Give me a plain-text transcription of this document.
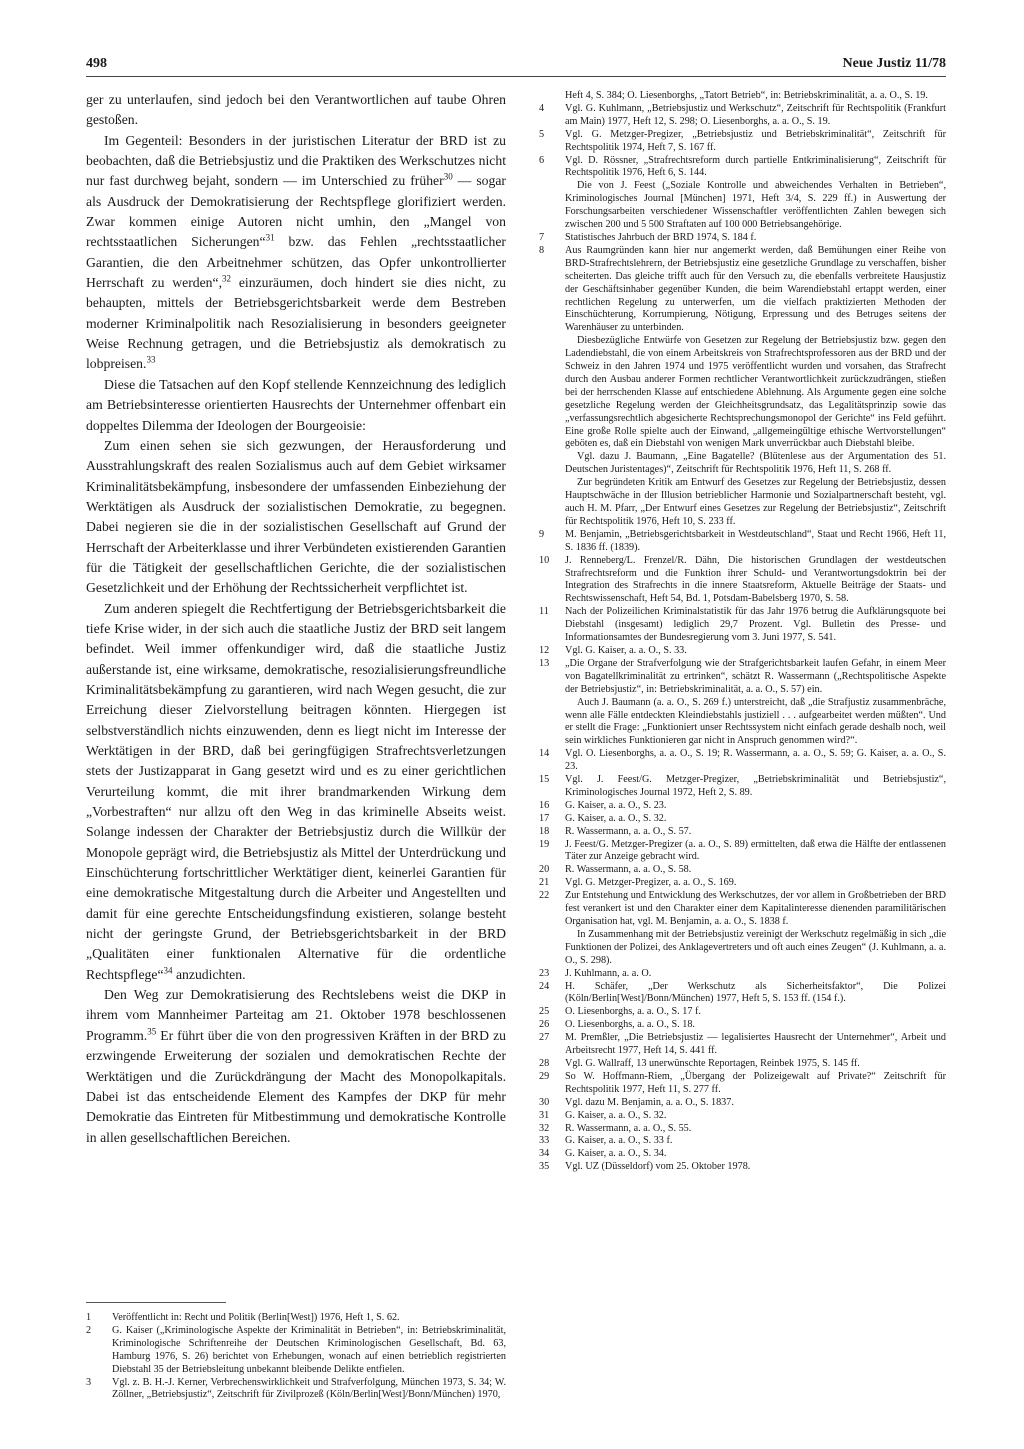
498	Neue Justiz 11/78

ger zu unterlaufen, sind jedoch bei den Verantwortlichen auf taube Ohren gestoßen.

Im Gegenteil: Besonders in der juristischen Literatur der BRD ist zu beobachten, daß die Betriebsjustiz und die Praktiken des Werkschutzes nicht nur fast durchweg bejaht, sondern — im Unterschied zu früher$^{30}$ — sogar als Ausdruck der Demokratisierung der Rechtspflege glorifiziert werden. Zwar kommen einige Autoren nicht umhin, den „Mangel von rechtsstaatlichen Sicherungen“$^{31}$ bzw. das Fehlen „rechtsstaatlicher Garantien, die den Arbeitnehmer schützen, das Opfer unkontrollierter Herrschaft zu werden“,$^{32}$ einzuräumen, doch hindert sie dies nicht, zu behaupten, mittels der Betriebsgerichtsbarkeit werde dem Bestreben moderner Kriminalpolitik nach Resozialisierung in besonders geeigneter Weise Rechnung getragen, und die Betriebsjustiz als demokratisch zu lobpreisen.$^{33}$

Diese die Tatsachen auf den Kopf stellende Kennzeichnung des lediglich am Betriebsinteresse orientierten Hausrechts der Unternehmer offenbart ein doppeltes Dilemma der Ideologen der Bourgeoisie:

Zum einen sehen sie sich gezwungen, der Herausforderung und Ausstrahlungskraft des realen Sozialismus auch auf dem Gebiet wirksamer Kriminalitätsbekämpfung, insbesondere der umfassenden Einbeziehung der Werktätigen als Ausdruck der sozialistischen Demokratie, zu begegnen. Dabei negieren sie die in der sozialistischen Gesellschaft auf Grund der Herrschaft der Arbeiterklasse und ihrer Verbündeten existierenden Garantien für die Tätigkeit der gesellschaftlichen Gerichte, die der sozialistischen Gesetzlichkeit und der Erhöhung der Rechtssicherheit verpflichtet ist.

Zum anderen spiegelt die Rechtfertigung der Betriebsgerichtsbarkeit die tiefe Krise wider, in der sich auch die staatliche Justiz der BRD seit langem befindet. Weil immer offenkundiger wird, daß die staatliche Justiz außerstande ist, eine wirksame, demokratische, resozialisierungsfreundliche Kriminalitätsbekämpfung zu garantieren, wird nach Wegen gesucht, die zur Erreichung dieser Zielvorstellung beitragen könnten. Hiergegen ist selbstverständlich nichts einzuwenden, denn es liegt nicht im Interesse der Werktätigen in der BRD, daß bei geringfügigen Strafrechtsverletzungen stets der Justizapparat in Gang gesetzt wird und es zu einer gerichtlichen Verurteilung kommt, die mit ihrer brandmarkenden Wirkung dem „Vorbestraften“ nur allzu oft den Weg in das kriminelle Abseits weist. Solange indessen der Charakter der Betriebsjustiz durch die Willkür der Monopole geprägt wird, die Betriebsjustiz als Mittel der Unterdrückung und Einschüchterung fortschrittlicher Werktätiger dient, keinerlei Garantien für eine demokratische Mitgestaltung durch die Arbeiter und Angestellten und damit für eine gerechte Entscheidungsfindung existieren, solange besteht nicht der geringste Grund, der Betriebsgerichtsbarkeit in der BRD „Qualitäten einer funktionalen Alternative für die ordentliche Rechtspflege“$^{34}$ anzudichten.

Den Weg zur Demokratisierung des Rechtslebens weist die DKP in ihrem vom Mannheimer Parteitag am 21. Oktober 1978 beschlossenen Programm.$^{35}$ Er führt über die von den progressiven Kräften in der BRD zu erzwingende Erweiterung der sozialen und demokratischen Rechte der Werktätigen und die Zurückdrängung der Macht des Monopolkapitals. Dabei ist das entscheidende Element des Kampfes der DKP für mehr Demokratie das Eintreten für Mitbestimmung und demokratische Kontrolle in allen gesellschaftlichen Bereichen.

1	Veröffentlicht in: Recht und Politik (Berlin[West]) 1976, Heft 1, S. 62.
2	G. Kaiser („Kriminologische Aspekte der Kriminalität in Betrieben“, in: Betriebskriminalität, Kriminologische Schriftenreihe der Deutschen Kriminologischen Gesellschaft, Bd. 63, Hamburg 1976, S. 26) berichtet von Erhebungen, wonach auf einen betrieblich registrierten Diebstahl 35 der Betriebsleitung unbekannt bleibende Delikte entfielen.
3	Vgl. z. B. H.-J. Kerner, Verbrechenswirklichkeit und Strafverfolgung, München 1973, S. 34; W. Zöllner, „Betriebsjustiz“, Zeitschrift für Zivilprozeß (Köln/Berlin[West]/Bonn/München) 1970,
Heft 4, S. 384; O. Liesenborghs, „Tatort Betrieb“, in: Betriebskriminalität, a. a. O., S. 19.
4	Vgl. G. Kuhlmann, „Betriebsjustiz und Werkschutz“, Zeitschrift für Rechtspolitik (Frankfurt am Main) 1977, Heft 12, S. 298; O. Liesenborghs, a. a. O., S. 19.
5	Vgl. G. Metzger-Pregizer, „Betriebsjustiz und Betriebskriminalität“, Zeitschrift für Rechtspolitik 1974, Heft 7, S. 167 ff.
6	Vgl. D. Rössner, „Strafrechtsreform durch partielle Entkriminalisierung“, Zeitschrift für Rechtspolitik 1976, Heft 6, S. 144.
Die von J. Feest („Soziale Kontrolle und abweichendes Verhalten in Betrieben“, Kriminologisches Journal [München] 1971, Heft 3/4, S. 229 ff.) in Auswertung der Forschungsarbeiten verschiedener Wissenschaftler veröffentlichten Zahlen bewegen sich zwischen 200 und 5 500 Straftaten auf 100 000 Betriebsangehörige.
7	Statistisches Jahrbuch der BRD 1974, S. 184 f.
8	Aus Raumgründen kann hier nur angemerkt werden, daß Bemühungen einer Reihe von BRD-Strafrechtslehrern, der Betriebsjustiz eine gesetzliche Grundlage zu verschaffen, bisher scheiterten. Das gleiche trifft auch für den Versuch zu, die ebenfalls verbreitete Hausjustiz der Geschäftsinhaber gegenüber Kunden, die beim Warendiebstahl ertappt werden, einer rechtlichen Regelung zu unterwerfen, um die vielfach praktizierten Methoden der Einschüchterung, Korrumpierung, Nötigung, Erpressung und des Betruges seitens der Warenhäuser zu unterbinden.
Diesbezügliche Entwürfe von Gesetzen zur Regelung der Betriebsjustiz bzw. gegen den Ladendiebstahl, die von einem Arbeitskreis von Strafrechtsprofessoren aus der BRD und der Schweiz in den Jahren 1974 und 1975 veröffentlicht wurden und vorsahen, das Strafrecht durch den Ausbau anderer Formen rechtlicher Verantwortlichkeit zurückzudrängen, stießen bei der herrschenden Klasse auf entschiedene Ablehnung. Als Argumente gegen eine solche gesetzliche Regelung werden der Gleichheitsgrundsatz, das Legalitätsprinzip sowie das „verfassungsrechtlich abgesicherte Rechtsprechungsmonopol der Gerichte“ ins Feld geführt. Eine große Rolle spielte auch der Einwand, „allgemeingültige ethische Wertvorstellungen“ geböten es, daß ein Diebstahl von wenigen Mark unverrückbar auch Diebstahl bleibe.
Vgl. dazu J. Baumann, „Eine Bagatelle? (Blütenlese aus der Argumentation des 51. Deutschen Juristentages)“, Zeitschrift für Rechtspolitik 1976, Heft 11, S. 268 ff.
Zur begründeten Kritik am Entwurf des Gesetzes zur Regelung der Betriebsjustiz, dessen Hauptschwäche in der Illusion betrieblicher Harmonie und Sozialpartnerschaft besteht, vgl. auch H. M. Pfarr, „Der Entwurf eines Gesetzes zur Regelung der Betriebsjustiz“, Zeitschrift für Rechtspolitik 1976, Heft 10, S. 233 ff.
9	M. Benjamin, „Betriebsgerichtsbarkeit in Westdeutschland“, Staat und Recht 1966, Heft 11, S. 1836 ff. (1839).
10	J. Renneberg/L. Frenzel/R. Dähn, Die historischen Grundlagen der westdeutschen Strafrechtsreform und die Funktion ihrer Schuld- und Verantwortungsdoktrin bei der Integration des Strafrechts in die innere Staatsreform, Aktuelle Beiträge der Staats- und Rechtswissenschaft, Heft 54, Bd. 1, Potsdam-Babelsberg 1970, S. 58.
11	Nach der Polizeilichen Kriminalstatistik für das Jahr 1976 betrug die Aufklärungsquote bei Diebstahl (insgesamt) lediglich 29,7 Prozent. Vgl. Bulletin des Presse- und Informationsamtes der Bundesregierung vom 3. Juni 1977, S. 541.
12	Vgl. G. Kaiser, a. a. O., S. 33.
13	„Die Organe der Strafverfolgung wie der Strafgerichtsbarkeit laufen Gefahr, in einem Meer von Bagatellkriminalität zu ertrinken“, schätzt R. Wassermann („Rechtspolitische Aspekte der Betriebsjustiz“, in: Betriebskriminalität, a. a. O., S. 57) ein.
Auch J. Baumann (a. a. O., S. 269 f.) unterstreicht, daß „die Strafjustiz zusammenbräche, wenn alle Fälle entdeckten Kleindiebstahls justiziell . . . aufgearbeitet werden müßten“. Und er stellt die Frage: „Funktioniert unser Rechtssystem nicht einfach gerade deshalb noch, weil sein wirkliches Funktionieren gar nicht in Anspruch genommen wird?“.
14	Vgl. O. Liesenborghs, a. a. O., S. 19; R. Wassermann, a. a. O., S. 59; G. Kaiser, a. a. O., S. 23.
15	Vgl. J. Feest/G. Metzger-Pregizer, „Betriebskriminalität und Betriebsjustiz“, Kriminologisches Journal 1972, Heft 2, S. 89.
16	G. Kaiser, a. a. O., S. 23.
17	G. Kaiser, a. a. O., S. 32.
18	R. Wassermann, a. a. O., S. 57.
19	J. Feest/G. Metzger-Pregizer (a. a. O., S. 89) ermittelten, daß etwa die Hälfte der entlassenen Täter zur Anzeige gebracht wird.
20	R. Wassermann, a. a. O., S. 58.
21	Vgl. G. Metzger-Pregizer, a. a. O., S. 169.
22	Zur Entstehung und Entwicklung des Werkschutzes, der vor allem in Großbetrieben der BRD fest verankert ist und den Charakter einer dem Kapitalinteresse dienenden paramilitärischen Organisation hat, vgl. M. Benjamin, a. a. O., S. 1838 f.
In Zusammenhang mit der Betriebsjustiz vereinigt der Werkschutz regelmäßig in sich „die Funktionen der Polizei, des Anklagevertreters und oft auch eines Zeugen“ (J. Kuhlmann, a. a. O., S. 298).
23	J. Kuhlmann, a. a. O.
24	H. Schäfer, „Der Werkschutz als Sicherheitsfaktor“, Die Polizei (Köln/Berlin[West]/Bonn/München) 1977, Heft 5, S. 153 ff. (154 f.).
25	O. Liesenborghs, a. a. O., S. 17 f.
26	O. Liesenborghs, a. a. O., S. 18.
27	M. Premßler, „Die Betriebsjustiz — legalisiertes Hausrecht der Unternehmer“, Arbeit und Arbeitsrecht 1977, Heft 14, S. 441 ff.
28	Vgl. G. Wallraff, 13 unerwünschte Reportagen, Reinbek 1975, S. 145 ff.
29	So W. Hoffmann-Riem, „Übergang der Polizeigewalt auf Private?“ Zeitschrift für Rechtspolitik 1977, Heft 11, S. 277 ff.
30	Vgl. dazu M. Benjamin, a. a. O., S. 1837.
31	G. Kaiser, a. a. O., S. 32.
32	R. Wassermann, a. a. O., S. 55.
33	G. Kaiser, a. a. O., S. 33 f.
34	G. Kaiser, a. a. O., S. 34.
35	Vgl. UZ (Düsseldorf) vom 25. Oktober 1978.
